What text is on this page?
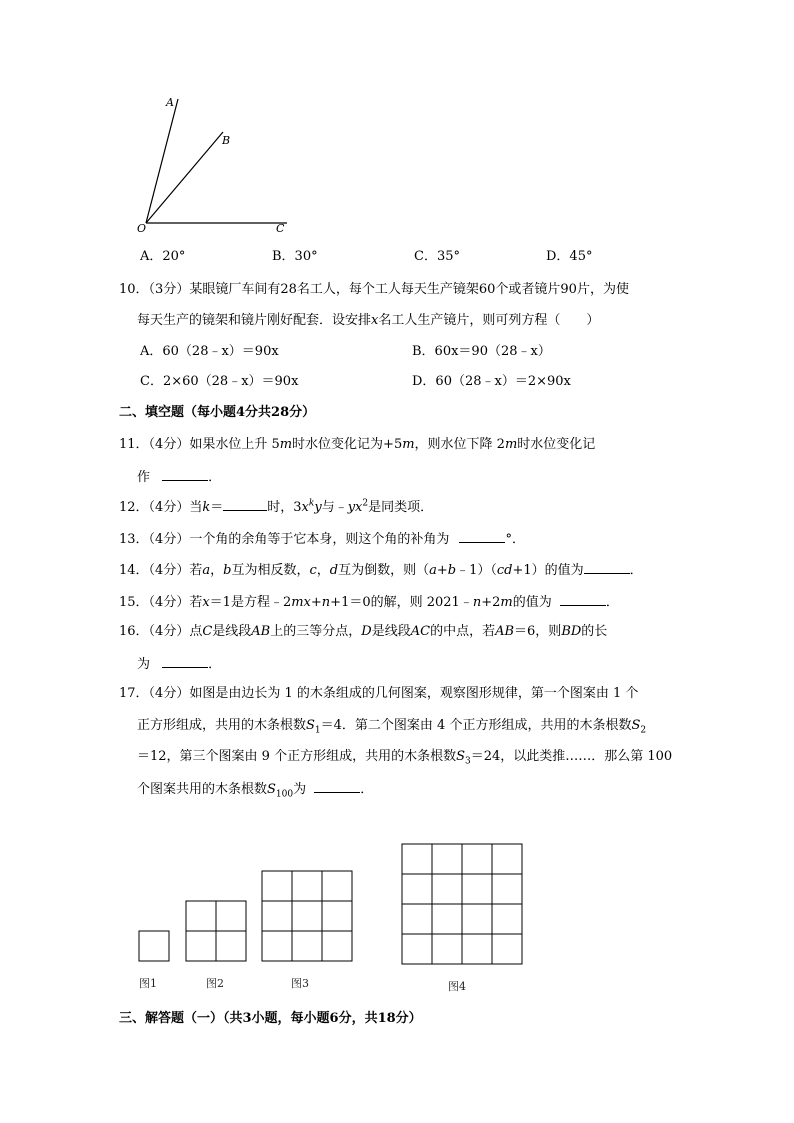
A
B
O	C
A．20°	B．30°	C．35°	D．45°
10．（3分）某眼镜厂车间有28名工人，每个工人每天生产镜架60个或者镜片90片，为使
每天生产的镜架和镜片刚好配套．设安排x名工人生产镜片，则可列方程（　　）
A．60（28﹣x）＝90x	B．60x＝90（28﹣x）
C．2×60（28﹣x）＝90x	D．60（28﹣x）＝2×90x
二、填空题（每小题4分共28分）
11．（4分）如果水位上升 5m时水位变化记为+5m，则水位下降 2m时水位变化记
作	．
12．（4分）当k＝	时，$3x^ky$与$﹣yx^2$是同类项．
13．（4分）一个角的余角等于它本身，则这个角的补角为	°．
14．（4分）若a，b互为相反数，c，d互为倒数，则（a+b﹣1）（cd+1）的值为	．
15．（4分）若x＝1是方程﹣2mx+n+1＝0的解，则 2021﹣n+2m的值为	．
16．（4分）点C是线段AB上的三等分点，D是线段AC的中点，若AB＝6，则BD的长
为	．
17．（4分）如图是由边长为 1 的木条组成的几何图案，观察图形规律，第一个图案由 1 个
正方形组成，共用的木条根数$S_1=4$．第二个图案由 4 个正方形组成，共用的木条根数$S_2$
＝12，第三个图案由 9 个正方形组成，共用的木条根数$S_3=24$，以此类推……．那么第 100
个图案共用的木条根数$S_{100}$为	．
图1	图2	图3	图4
三、解答题（一）（共3小题，每小题6分，共18分）
